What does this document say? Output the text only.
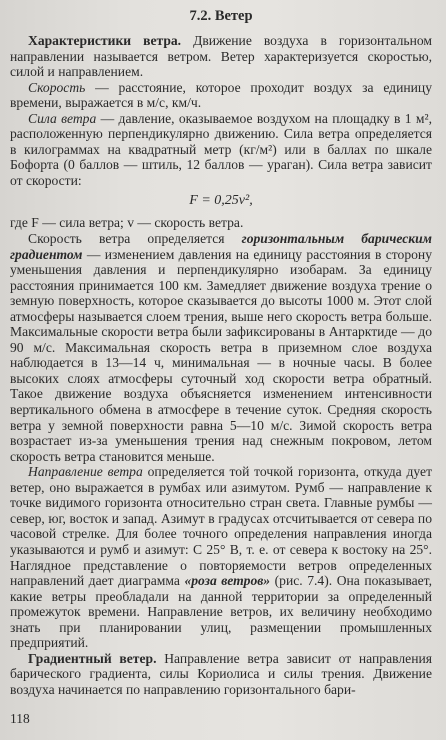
7.2. Ветер

Характеристики ветра. Движение воздуха в горизонтальном направлении называется ветром. Ветер характеризуется скоростью, силой и направлением.

Скорость — расстояние, которое проходит воздух за единицу времени, выражается в м/с, км/ч.

Сила ветра — давление, оказываемое воздухом на площадку в 1 м², расположенную перпендикулярно движению. Сила ветра определяется в килограммах на квадратный метр (кг/м²) или в баллах по шкале Бофорта (0 баллов — штиль, 12 баллов — ураган). Сила ветра зависит от скорости:

F = 0,25v²,

где F — сила ветра; v — скорость ветра.

Скорость ветра определяется горизонтальным барическим градиентом — изменением давления на единицу расстояния в сторону уменьшения давления и перпендикулярно изобарам. За единицу расстояния принимается 100 км. Замедляет движение воздуха трение о земную поверхность, которое сказывается до высоты 1000 м. Этот слой атмосферы называется слоем трения, выше него скорость ветра больше. Максимальные скорости ветра были зафиксированы в Антарктиде — до 90 м/с. Максимальная скорость ветра в приземном слое воздуха наблюдается в 13—14 ч, минимальная — в ночные часы. В более высоких слоях атмосферы суточный ход скорости ветра обратный. Такое движение воздуха объясняется изменением интенсивности вертикального обмена в атмосфере в течение суток. Средняя скорость ветра у земной поверхности равна 5—10 м/с. Зимой скорость ветра возрастает из-за уменьшения трения над снежным покровом, летом скорость ветра становится меньше.

Направление ветра определяется той точкой горизонта, откуда дует ветер, оно выражается в румбах или азимутом. Румб — направление к точке видимого горизонта относительно стран света. Главные румбы — север, юг, восток и запад. Азимут в градусах отсчитывается от севера по часовой стрелке. Для более точного определения направления иногда указываются и румб и азимут: С 25° В, т. е. от севера к востоку на 25°. Наглядное представление о повторяемости ветров определенных направлений дает диаграмма «роза ветров» (рис. 7.4). Она показывает, какие ветры преобладали на данной территории за определенный промежуток времени. Направление ветров, их величину необходимо знать при планировании улиц, размещении промышленных предприятий.

Градиентный ветер. Направление ветра зависит от направления барического градиента, силы Кориолиса и силы трения. Движение воздуха начинается по направлению горизонтального бари-

118
